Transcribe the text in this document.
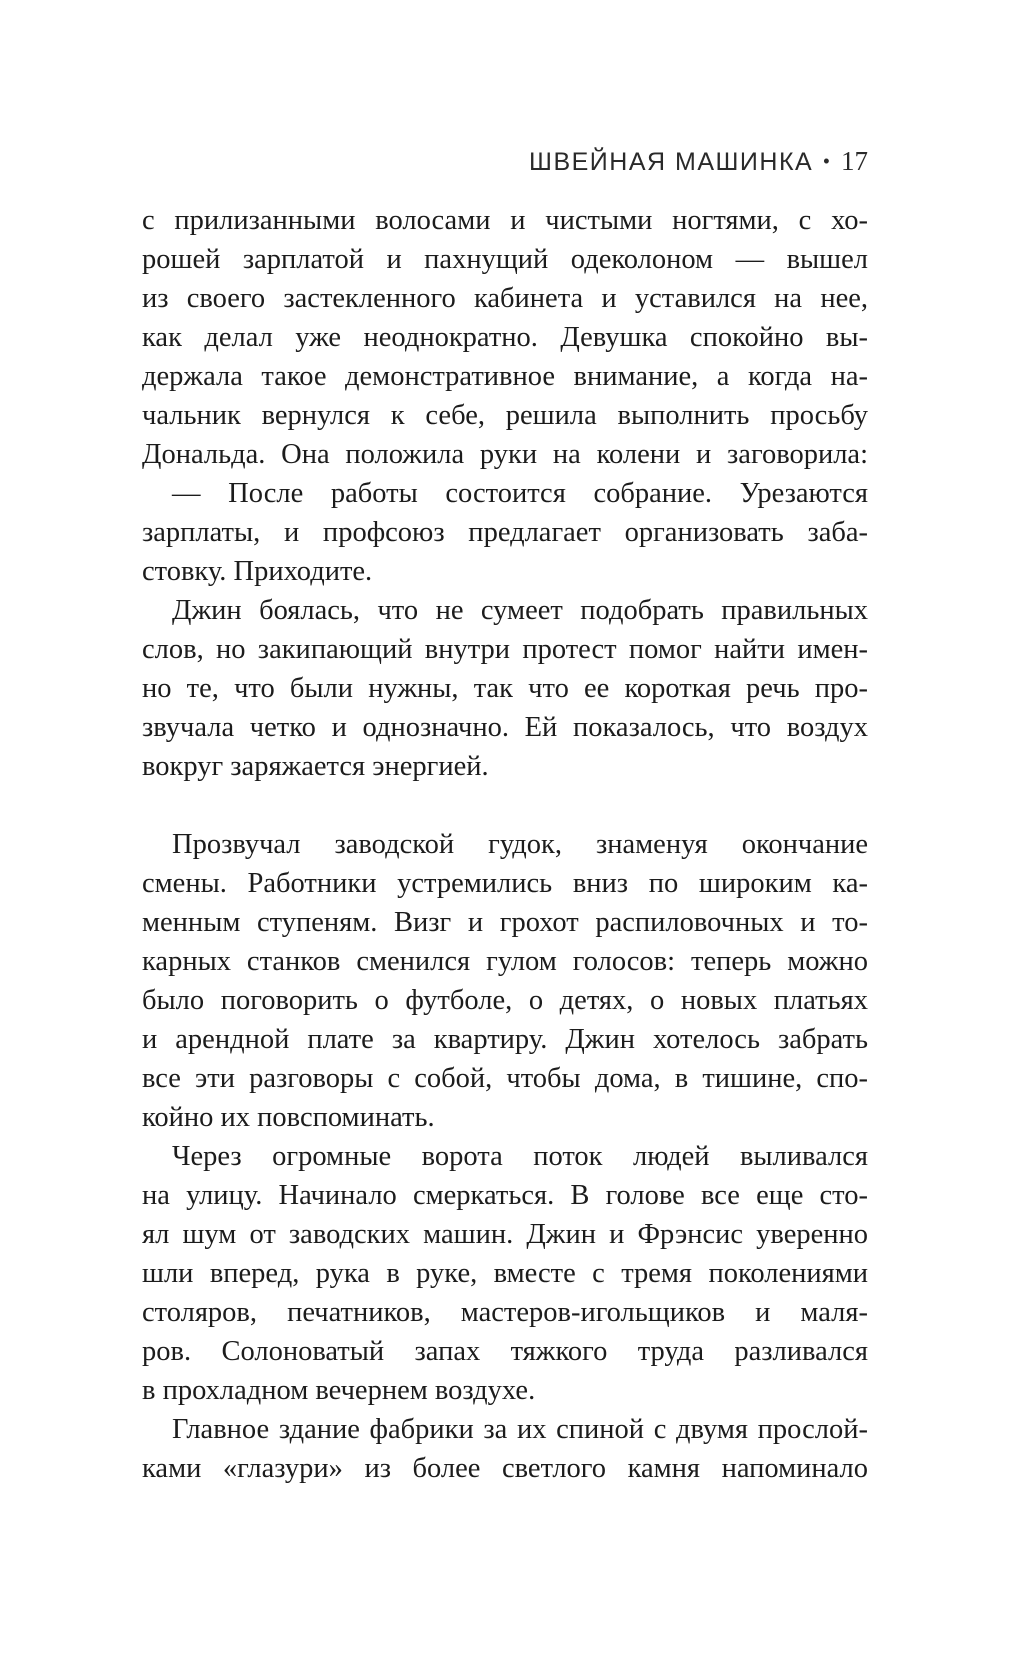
ШВЕЙНАЯ МАШИНКА • 17

с прилизанными волосами и чистыми ногтями, с хо-

рошей зарплатой и пахнущий одеколоном — вышел

из своего застекленного кабинета и уставился на нее,

как делал уже неоднократно. Девушка спокойно вы-

держала такое демонстративное внимание, а когда на-

чальник вернулся к себе, решила выполнить просьбу

Дональда. Она положила руки на колени и заговорила:

— После работы состоится собрание. Урезаются

зарплаты, и профсоюз предлагает организовать заба-

стовку. Приходите.

Джин боялась, что не сумеет подобрать правильных

слов, но закипающий внутри протест помог найти имен-

но те, что были нужны, так что ее короткая речь про-

звучала четко и однозначно. Ей показалось, что воздух

вокруг заряжается энергией.

Прозвучал заводской гудок, знаменуя окончание

смены. Работники устремились вниз по широким ка-

менным ступеням. Визг и грохот распиловочных и то-

карных станков сменился гулом голосов: теперь можно

было поговорить о футболе, о детях, о новых платьях

и арендной плате за квартиру. Джин хотелось забрать

все эти разговоры с собой, чтобы дома, в тишине, спо-

койно их повспоминать.

Через огромные ворота поток людей выливался

на улицу. Начинало смеркаться. В голове все еще сто-

ял шум от заводских машин. Джин и Фрэнсис уверенно

шли вперед, рука в руке, вместе с тремя поколениями

столяров, печатников, мастеров-игольщиков и маля-

ров. Солоноватый запах тяжкого труда разливался

в прохладном вечернем воздухе.

Главное здание фабрики за их спиной с двумя прослой-

ками «глазури» из более светлого камня напоминало
